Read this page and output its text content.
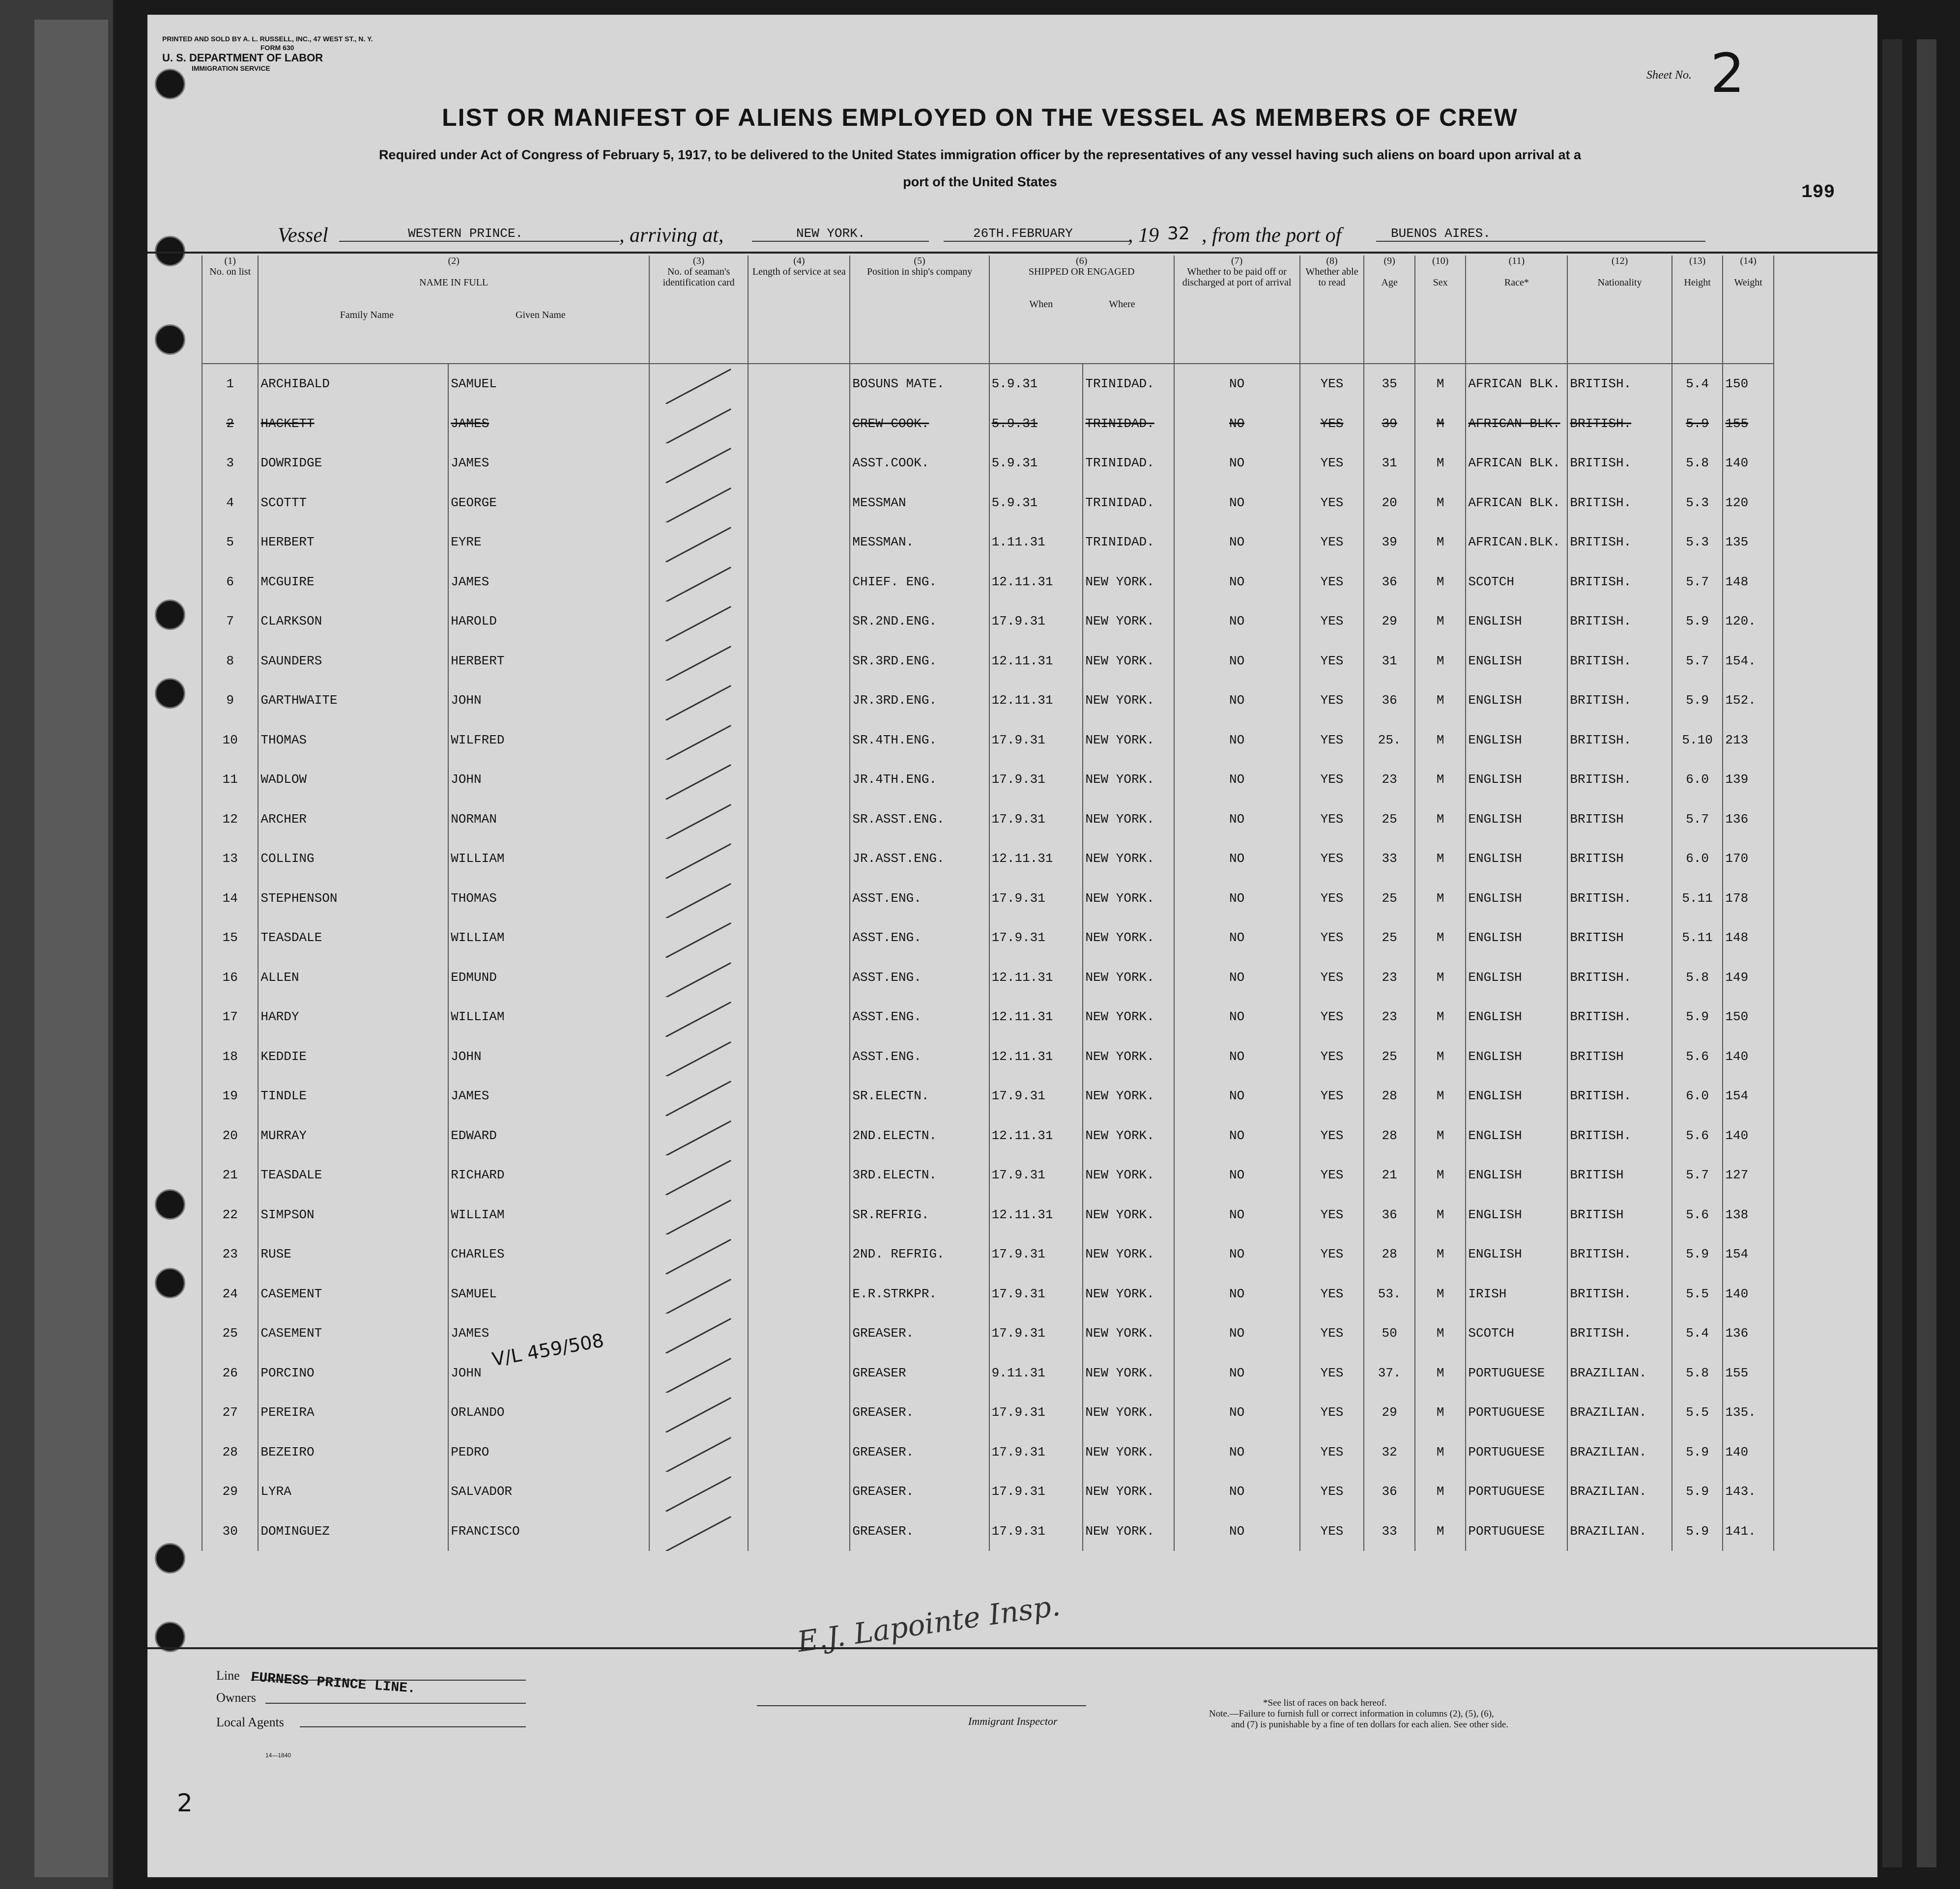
PRINTED AND SOLD BY A. L. RUSSELL, INC., 47 WEST ST., N. Y.
FORM 630
U. S. DEPARTMENT OF LABOR
IMMIGRATION SERVICE
Sheet No. 2
199
LIST OR MANIFEST OF ALIENS EMPLOYED ON THE VESSEL AS MEMBERS OF CREW
Required under Act of Congress of February 5, 1917, to be delivered to the United States immigration officer by the representatives of any vessel having such aliens on board upon arrival at a
port of the United States
Vessel	WESTERN PRINCE.	, arriving at,	NEW YORK.	26TH.FEBRUARY	, 19 32 , from the port of	BUENOS AIRES.
(1)
No. on list	(2)

NAME IN FULL

Family Name Given Name		(3)
No. of seaman's identification card	(4)
Length of service at sea	(5)
Position in ship's company	(6)
SHIPPED OR ENGAGED

When Where		(7)
Whether to be paid off or discharged at port of arrival	(8)
Whether able to read	(9)

Age	(10)

Sex	(11)

Race*	(12)

Nationality	(13)

Height	(14)

Weight	

1	ARCHIBALD	SAMUEL			BOSUNS MATE.	5.9.31	TRINIDAD.	NO	YES	35	M	AFRICAN BLK.	BRITISH.	5.4	150	
2	HACKETT	JAMES			CREW COOK.	5.9.31	TRINIDAD.	NO	YES	39	M	AFRICAN BLK.	BRITISH.	5.9	155	
3	DOWRIDGE	JAMES			ASST.COOK.	5.9.31	TRINIDAD.	NO	YES	31	M	AFRICAN BLK.	BRITISH.	5.8	140	
4	SCOTTT	GEORGE			MESSMAN	5.9.31	TRINIDAD.	NO	YES	20	M	AFRICAN BLK.	BRITISH.	5.3	120	
5	HERBERT	EYRE			MESSMAN.	1.11.31	TRINIDAD.	NO	YES	39	M	AFRICAN.BLK.	BRITISH.	5.3	135	
6	MCGUIRE	JAMES			CHIEF. ENG.	12.11.31	NEW YORK.	NO	YES	36	M	SCOTCH	BRITISH.	5.7	148	
7	CLARKSON	HAROLD			SR.2ND.ENG.	17.9.31	NEW YORK.	NO	YES	29	M	ENGLISH	BRITISH.	5.9	120.	
8	SAUNDERS	HERBERT			SR.3RD.ENG.	12.11.31	NEW YORK.	NO	YES	31	M	ENGLISH	BRITISH.	5.7	154.	
9	GARTHWAITE	JOHN			JR.3RD.ENG.	12.11.31	NEW YORK.	NO	YES	36	M	ENGLISH	BRITISH.	5.9	152.	
10	THOMAS	WILFRED			SR.4TH.ENG.	17.9.31	NEW YORK.	NO	YES	25.	M	ENGLISH	BRITISH.	5.10	213	
11	WADLOW	JOHN			JR.4TH.ENG.	17.9.31	NEW YORK.	NO	YES	23	M	ENGLISH	BRITISH.	6.0	139	
12	ARCHER	NORMAN			SR.ASST.ENG.	17.9.31	NEW YORK.	NO	YES	25	M	ENGLISH	BRITISH	5.7	136	
13	COLLING	WILLIAM			JR.ASST.ENG.	12.11.31	NEW YORK.	NO	YES	33	M	ENGLISH	BRITISH	6.0	170	
14	STEPHENSON	THOMAS			ASST.ENG.	17.9.31	NEW YORK.	NO	YES	25	M	ENGLISH	BRITISH.	5.11	178	
15	TEASDALE	WILLIAM			ASST.ENG.	17.9.31	NEW YORK.	NO	YES	25	M	ENGLISH	BRITISH	5.11	148	
16	ALLEN	EDMUND			ASST.ENG.	12.11.31	NEW YORK.	NO	YES	23	M	ENGLISH	BRITISH.	5.8	149	
17	HARDY	WILLIAM			ASST.ENG.	12.11.31	NEW YORK.	NO	YES	23	M	ENGLISH	BRITISH.	5.9	150	
18	KEDDIE	JOHN			ASST.ENG.	12.11.31	NEW YORK.	NO	YES	25	M	ENGLISH	BRITISH	5.6	140	
19	TINDLE	JAMES			SR.ELECTN.	17.9.31	NEW YORK.	NO	YES	28	M	ENGLISH	BRITISH.	6.0	154	
20	MURRAY	EDWARD			2ND.ELECTN.	12.11.31	NEW YORK.	NO	YES	28	M	ENGLISH	BRITISH.	5.6	140	
21	TEASDALE	RICHARD			3RD.ELECTN.	17.9.31	NEW YORK.	NO	YES	21	M	ENGLISH	BRITISH	5.7	127	
22	SIMPSON	WILLIAM			SR.REFRIG.	12.11.31	NEW YORK.	NO	YES	36	M	ENGLISH	BRITISH	5.6	138	
23	RUSE	CHARLES			2ND. REFRIG.	17.9.31	NEW YORK.	NO	YES	28	M	ENGLISH	BRITISH.	5.9	154	
24	CASEMENT	SAMUEL			E.R.STRKPR.	17.9.31	NEW YORK.	NO	YES	53.	M	IRISH	BRITISH.	5.5	140	
25	CASEMENT	JAMES			GREASER.	17.9.31	NEW YORK.	NO	YES	50	M	SCOTCH	BRITISH.	5.4	136	
26	PORCINO	JOHN			GREASER	9.11.31	NEW YORK.	NO	YES	37.	M	PORTUGUESE	BRAZILIAN.	5.8	155	
27	PEREIRA	ORLANDO			GREASER.	17.9.31	NEW YORK.	NO	YES	29	M	PORTUGUESE	BRAZILIAN.	5.5	135.	
28	BEZEIRO	PEDRO			GREASER.	17.9.31	NEW YORK.	NO	YES	32	M	PORTUGUESE	BRAZILIAN.	5.9	140	
29	LYRA	SALVADOR			GREASER.	17.9.31	NEW YORK.	NO	YES	36	M	PORTUGUESE	BRAZILIAN.	5.9	143.	
30	DOMINGUEZ	FRANCISCO			GREASER.	17.9.31	NEW YORK.	NO	YES	33	M	PORTUGUESE	BRAZILIAN.	5.9	141.	
V/L 459/508
E.J. Lapointe Insp.
Line
Owners
FURNESS PRINCE LINE.
Local Agents
14—1840
Immigrant Inspector
*See list of races on back hereof.
Note.—Failure to furnish full or correct information in columns (2), (5), (6),
and (7) is punishable by a fine of ten dollars for each alien. See other side.
2
